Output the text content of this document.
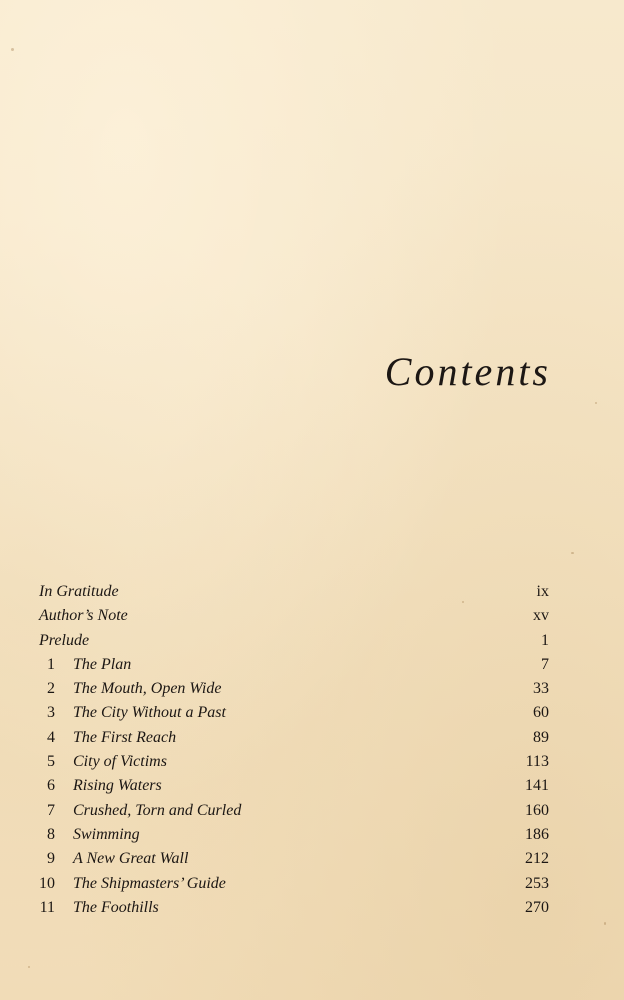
Contents
In Gratitude	ix
Author’s Note	xv
Prelude	1
1 The Plan	7
2 The Mouth, Open Wide	33
3 The City Without a Past	60
4 The First Reach	89
5 City of Victims	113
6 Rising Waters	141
7 Crushed, Torn and Curled	160
8 Swimming	186
9 A New Great Wall	212
10 The Shipmasters’ Guide	253
11 The Foothills	270
